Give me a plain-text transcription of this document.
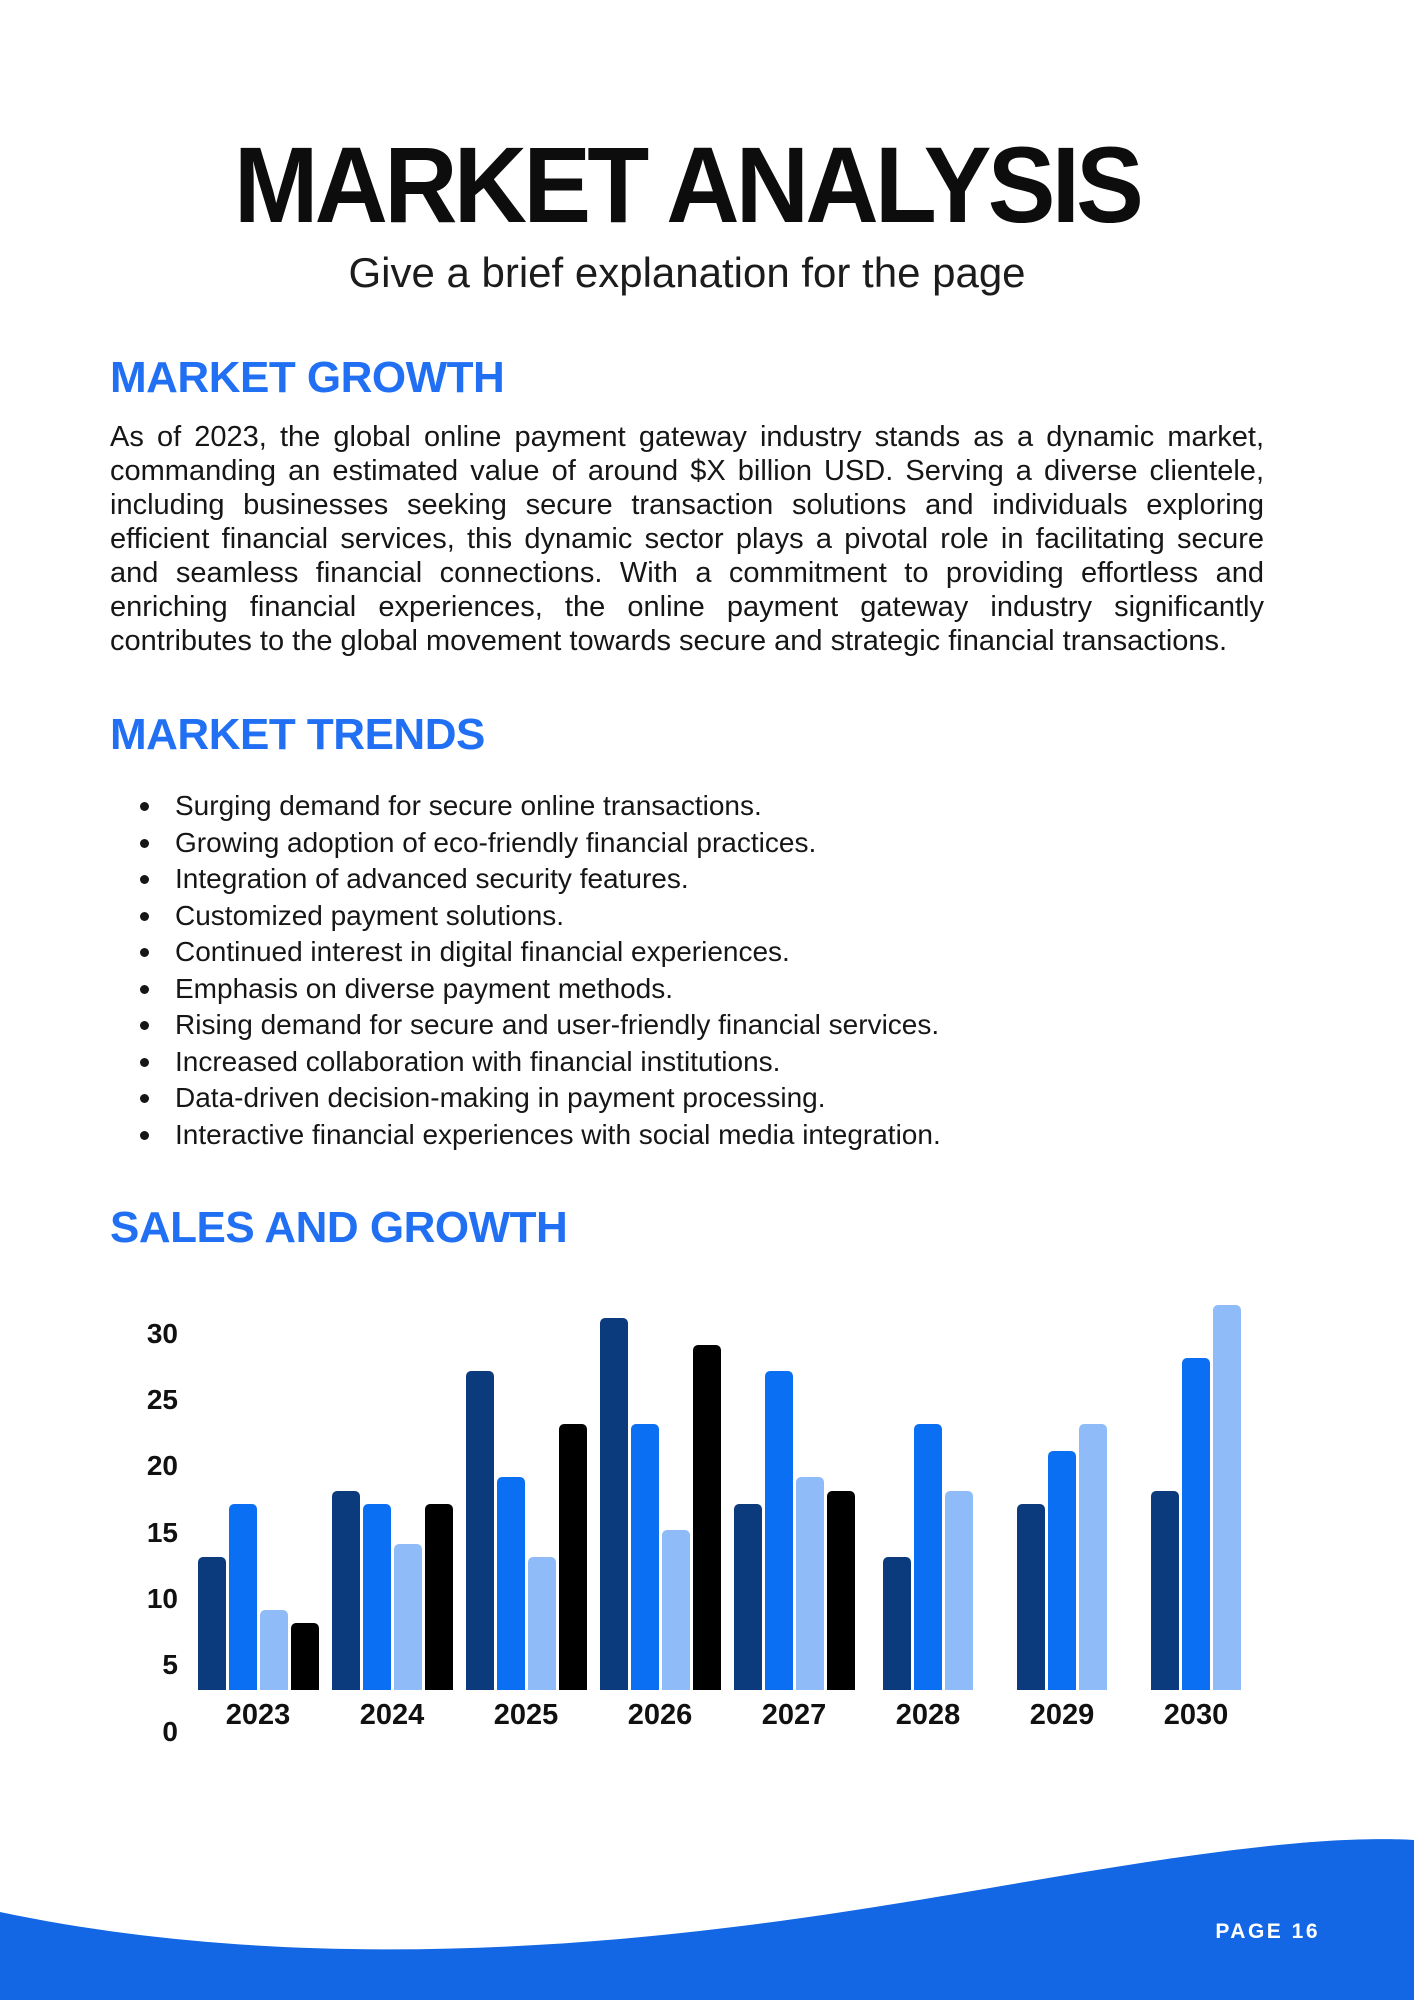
MARKET ANALYSIS
Give a brief explanation for the page
MARKET GROWTH

As of 2023, the global online payment gateway industry stands as a dynamic market, commanding an estimated value of around $X billion USD. Serving a diverse clientele, including businesses seeking secure transaction solutions and individuals exploring efficient financial services, this dynamic sector plays a pivotal role in facilitating secure and seamless financial connections. With a commitment to providing effortless and enriching financial experiences, the online payment gateway industry significantly contributes to the global movement towards secure and strategic financial transactions.

MARKET TRENDS
Surging demand for secure online transactions.
Growing adoption of eco-friendly financial practices.
Integration of advanced security features.
Customized payment solutions.
Continued interest in digital financial experiences.
Emphasis on diverse payment methods.
Rising demand for secure and user-friendly financial services.
Increased collaboration with financial institutions.
Data-driven decision-making in payment processing.
Interactive financial experiences with social media integration.
SALES AND GROWTH
30
25
20
15
10
5
0
2023	2024	2025	2026	2027	2028	2029	2030
PAGE 16
